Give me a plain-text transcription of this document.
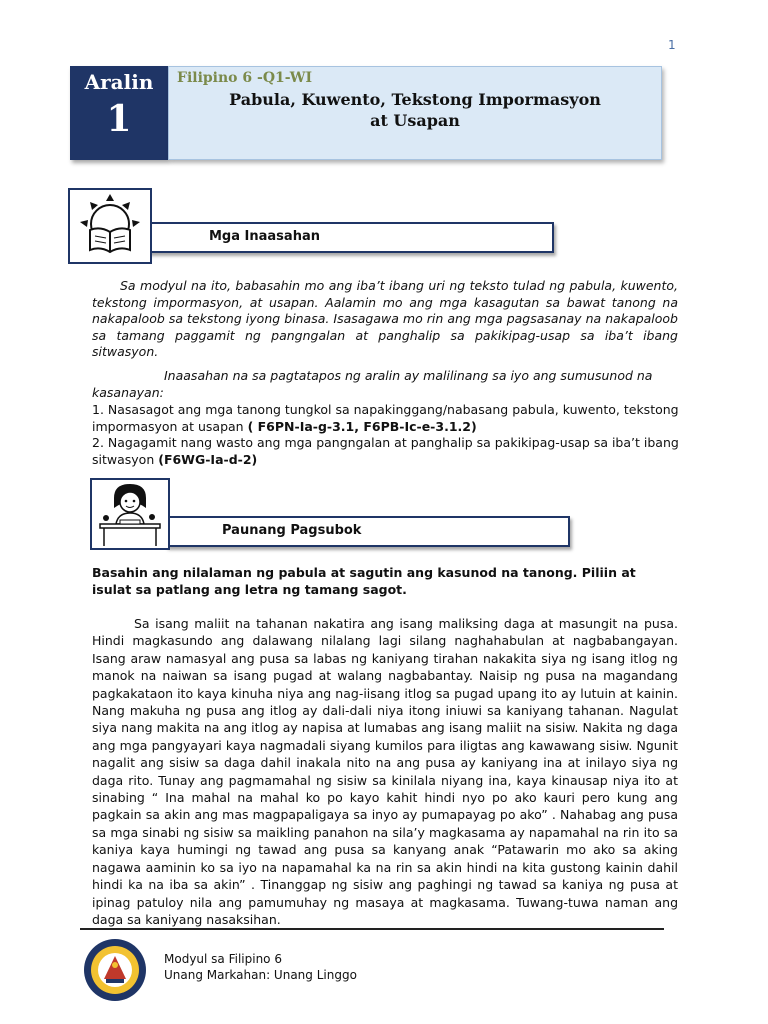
1
Aralin
1
Filipino 6 -Q1-WI
Pabula, Kuwento, Tekstong Impormasyon
at Usapan
Mga Inaasahan
Sa modyul na ito, babasahin mo ang iba’t ibang uri ng teksto tulad ng pabula, kuwento, tekstong impormasyon, at usapan. Aalamin mo ang mga kasagutan sa bawat tanong na nakapaloob sa tekstong iyong binasa. Isasagawa mo rin ang mga pagsasanay na nakapaloob sa tamang paggamit ng pangngalan at panghalip sa pakikipag-usap sa iba’t ibang sitwasyon.
Inaasahan na sa pagtatapos ng aralin ay malilinang sa iyo ang sumusunod na kasanayan:
1. Nasasagot ang mga tanong tungkol sa napakinggang/nabasang pabula, kuwento, tekstong impormasyon at usapan ( F6PN-Ia-g-3.1, F6PB-Ic-e-3.1.2)
2. Nagagamit nang wasto ang mga pangngalan at panghalip sa pakikipag-usap sa iba’t ibang sitwasyon (F6WG-Ia-d-2)
Paunang Pagsubok
Basahin ang nilalaman ng pabula at sagutin ang kasunod na tanong. Piliin at isulat sa patlang ang letra ng tamang sagot.
Sa isang maliit na tahanan nakatira ang isang maliksing daga at masungit na pusa. Hindi magkasundo ang dalawang nilalang lagi silang naghahabulan at nagbabangayan. Isang araw namasyal ang pusa sa labas ng kaniyang tirahan nakakita siya ng isang itlog ng manok na naiwan sa isang pugad at walang nagbabantay. Naisip ng pusa na magandang pagkakataon ito kaya kinuha niya ang nag-iisang itlog sa pugad upang ito ay lutuin at kainin. Nang makuha ng pusa ang itlog ay dali-dali niya itong iniuwi sa kaniyang tahanan. Nagulat siya nang makita na ang itlog ay napisa at lumabas ang isang maliit na sisiw. Nakita ng daga ang mga pangyayari kaya nagmadali siyang kumilos para iligtas ang kawawang sisiw. Ngunit nagalit ang sisiw sa daga dahil inakala nito na ang pusa ay kaniyang ina at inilayo siya ng daga rito. Tunay ang pagmamahal ng sisiw sa kinilala niyang ina, kaya kinausap niya ito at sinabing “ Ina mahal na mahal ko po kayo kahit hindi nyo po ako kauri pero kung ang pagkain sa akin ang mas magpapaligaya sa inyo ay pumapayag po ako” . Nahabag ang pusa sa mga sinabi ng sisiw sa maikling panahon na sila’y magkasama ay napamahal na rin ito sa kaniya kaya humingi ng tawad ang pusa sa kanyang anak “Patawarin mo ako sa aking nagawa aaminin ko sa iyo na napamahal ka na rin sa akin hindi na kita gustong kainin dahil hindi ka na iba sa akin” . Tinanggap ng sisiw ang paghingi ng tawad sa kaniya ng pusa at ipinag patuloy nila ang pamumuhay ng masaya at magkasama. Tuwang-tuwa naman ang daga sa kaniyang nasaksihan.
Modyul sa Filipino 6
Unang Markahan: Unang Linggo
